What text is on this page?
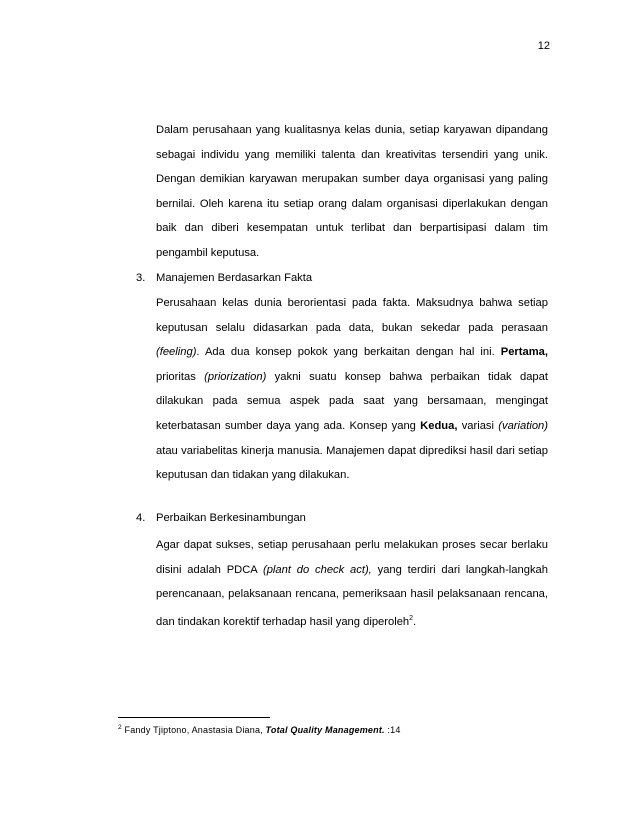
12
Dalam perusahaan yang kualitasnya kelas dunia, setiap karyawan dipandang sebagai individu yang memiliki talenta dan kreativitas tersendiri yang unik. Dengan demikian karyawan merupakan sumber daya organisasi yang paling bernilai. Oleh karena itu setiap orang dalam organisasi diperlakukan dengan baik dan diberi kesempatan untuk terlibat dan berpartisipasi dalam tim pengambil keputusa.
3. Manajemen Berdasarkan Fakta
Perusahaan kelas dunia berorientasi pada fakta. Maksudnya bahwa setiap keputusan selalu didasarkan pada data, bukan sekedar pada perasaan (feeling). Ada dua konsep pokok yang berkaitan dengan hal ini. Pertama, prioritas (priorization) yakni suatu konsep bahwa perbaikan tidak dapat dilakukan pada semua aspek pada saat yang bersamaan, mengingat keterbatasan sumber daya yang ada. Konsep yang Kedua, variasi (variation) atau variabelitas kinerja manusia. Manajemen dapat diprediksi hasil dari setiap keputusan dan tidakan yang dilakukan.
4. Perbaikan Berkesinambungan
Agar dapat sukses, setiap perusahaan perlu melakukan proses secar berlaku disini adalah PDCA (plant do check act), yang terdiri dari langkah-langkah perencanaan, pelaksanaan rencana, pemeriksaan hasil pelaksanaan rencana, dan tindakan korektif terhadap hasil yang diperoleh$^2$.
$^2$ Fandy Tjiptono, Anastasia Diana, Total Quality Management. :14
